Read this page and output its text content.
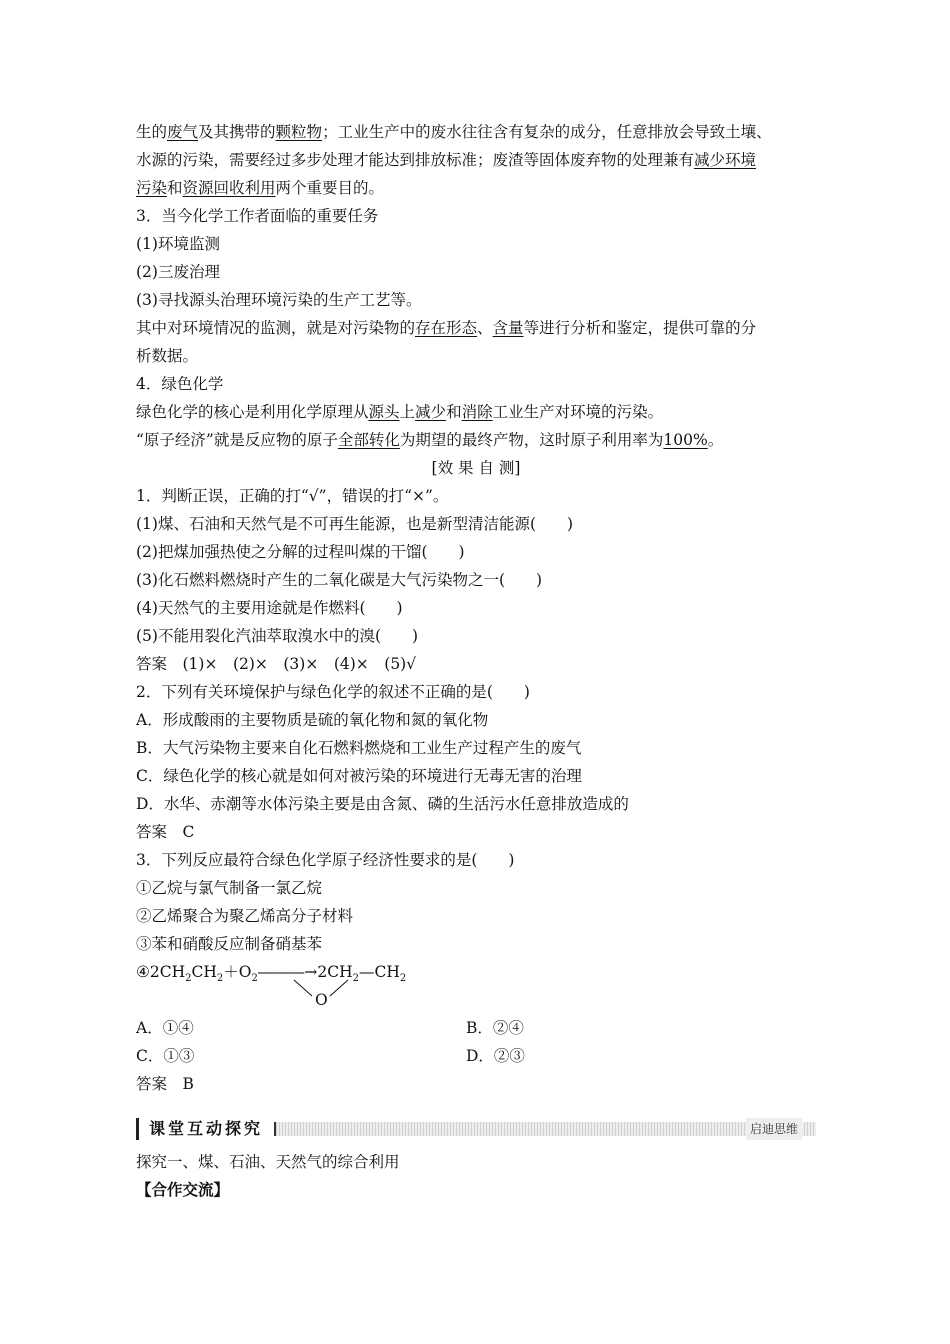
生的废气及其携带的颗粒物；工业生产中的废水往往含有复杂的成分，任意排放会导致土壤、
水源的污染，需要经过多步处理才能达到排放标准；废渣等固体废弃物的处理兼有减少环境
污染和资源回收利用两个重要目的。
3．当今化学工作者面临的重要任务
(1)环境监测
(2)三废治理
(3)寻找源头治理环境污染的生产工艺等。
其中对环境情况的监测，就是对污染物的存在形态、含量等进行分析和鉴定，提供可靠的分
析数据。
4．绿色化学
绿色化学的核心是利用化学原理从源头上减少和消除工业生产对环境的污染。
“原子经济”就是反应物的原子全部转化为期望的最终产物，这时原子利用率为100%。
[效 果 自 测]
1．判断正误，正确的打“√”，错误的打“×”。
(1)煤、石油和天然气是不可再生能源，也是新型清洁能源(　　)
(2)把煤加强热使之分解的过程叫煤的干馏(　　)
(3)化石燃料燃烧时产生的二氧化碳是大气污染物之一(　　)
(4)天然气的主要用途就是作燃料(　　)
(5)不能用裂化汽油萃取溴水中的溴(　　)
答案　(1)×　(2)×　(3)×　(4)×　(5)√
2．下列有关环境保护与绿色化学的叙述不正确的是(　　)
A．形成酸雨的主要物质是硫的氧化物和氮的氧化物
B．大气污染物主要来自化石燃料燃烧和工业生产过程产生的废气
C．绿色化学的核心就是如何对被污染的环境进行无毒无害的治理
D．水华、赤潮等水体污染主要是由含氮、磷的生活污水任意排放造成的
答案　C
3．下列反应最符合绿色化学原子经济性要求的是(　　)
①乙烷与氯气制备一氯乙烷
②乙烯聚合为聚乙烯高分子材料
③苯和硝酸反应制备硝基苯
$④2CH_2CH_2+O_2―――\to 2CH_2—CH_2$
O
A．①④	B．②④
C．①③	D．②③
答案　B
课堂互动探究	启迪思维
探究一、煤、石油、天然气的综合利用
【合作交流】
